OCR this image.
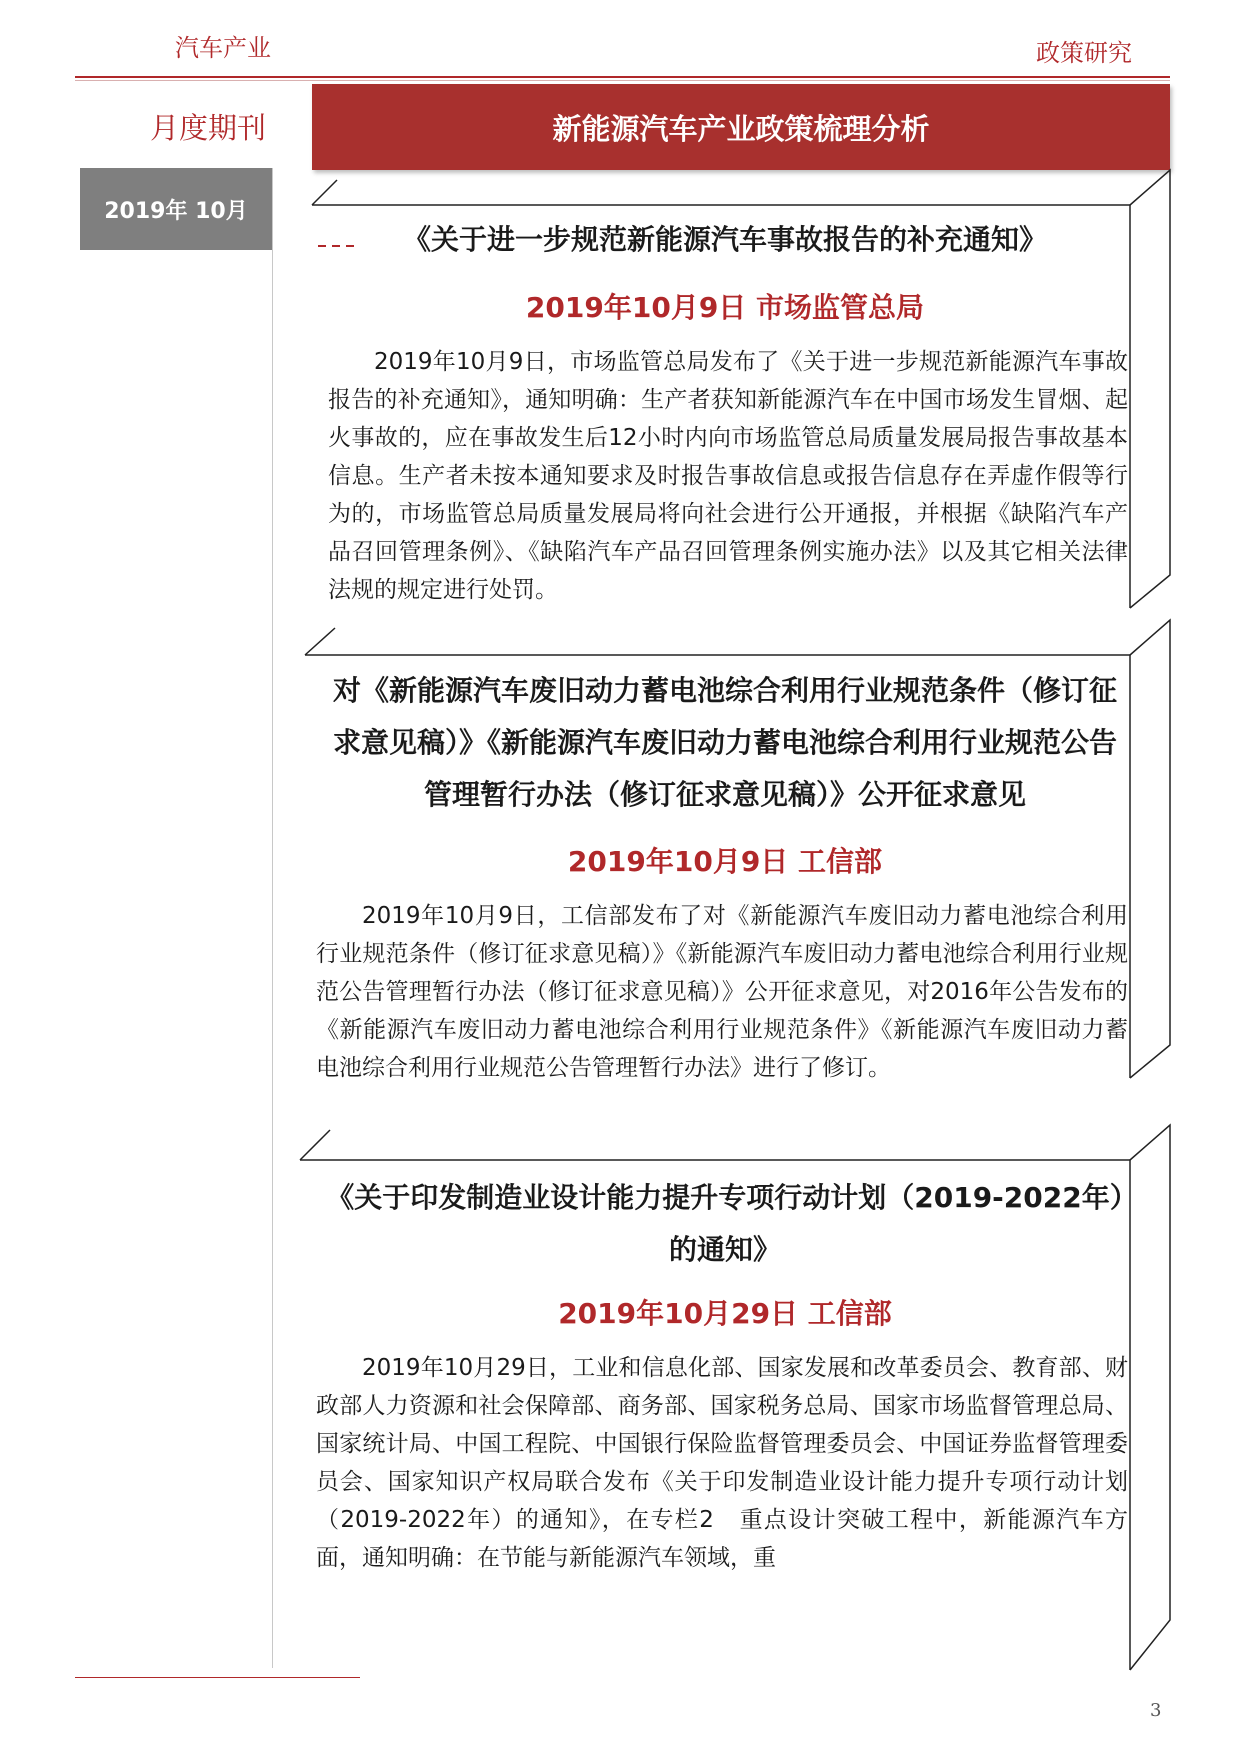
汽车产业	政策研究
月度期刊	新能源汽车产业政策梳理分析
2019年 10月
《关于进一步规范新能源汽车事故报告的补充通知》
2019年10月9日 市场监管总局
2019年10月9日，市场监管总局发布了《关于进一步规范新能源汽车事故报告的补充通知》，通知明确：生产者获知新能源汽车在中国市场发生冒烟、起火事故的，应在事故发生后12小时内向市场监管总局质量发展局报告事故基本信息。生产者未按本通知要求及时报告事故信息或报告信息存在弄虚作假等行为的，市场监管总局质量发展局将向社会进行公开通报，并根据《缺陷汽车产品召回管理条例》、《缺陷汽车产品召回管理条例实施办法》以及其它相关法律法规的规定进行处罚。
对《新能源汽车废旧动力蓄电池综合利用行业规范条件（修订征求意见稿）》《新能源汽车废旧动力蓄电池综合利用行业规范公告管理暂行办法（修订征求意见稿）》公开征求意见
2019年10月9日 工信部
2019年10月9日，工信部发布了对《新能源汽车废旧动力蓄电池综合利用行业规范条件（修订征求意见稿）》《新能源汽车废旧动力蓄电池综合利用行业规范公告管理暂行办法（修订征求意见稿）》公开征求意见，对2016年公告发布的《新能源汽车废旧动力蓄电池综合利用行业规范条件》《新能源汽车废旧动力蓄电池综合利用行业规范公告管理暂行办法》进行了修订。
《关于印发制造业设计能力提升专项行动计划（2019-2022年）的通知》
2019年10月29日 工信部
2019年10月29日，工业和信息化部、国家发展和改革委员会、教育部、财政部人力资源和社会保障部、商务部、国家税务总局、国家市场监督管理总局、国家统计局、中国工程院、中国银行保险监督管理委员会、中国证券监督管理委员会、国家知识产权局联合发布《关于印发制造业设计能力提升专项行动计划（2019-2022年）的通知》，在专栏2　重点设计突破工程中，新能源汽车方面，通知明确：在节能与新能源汽车领域，重
3
